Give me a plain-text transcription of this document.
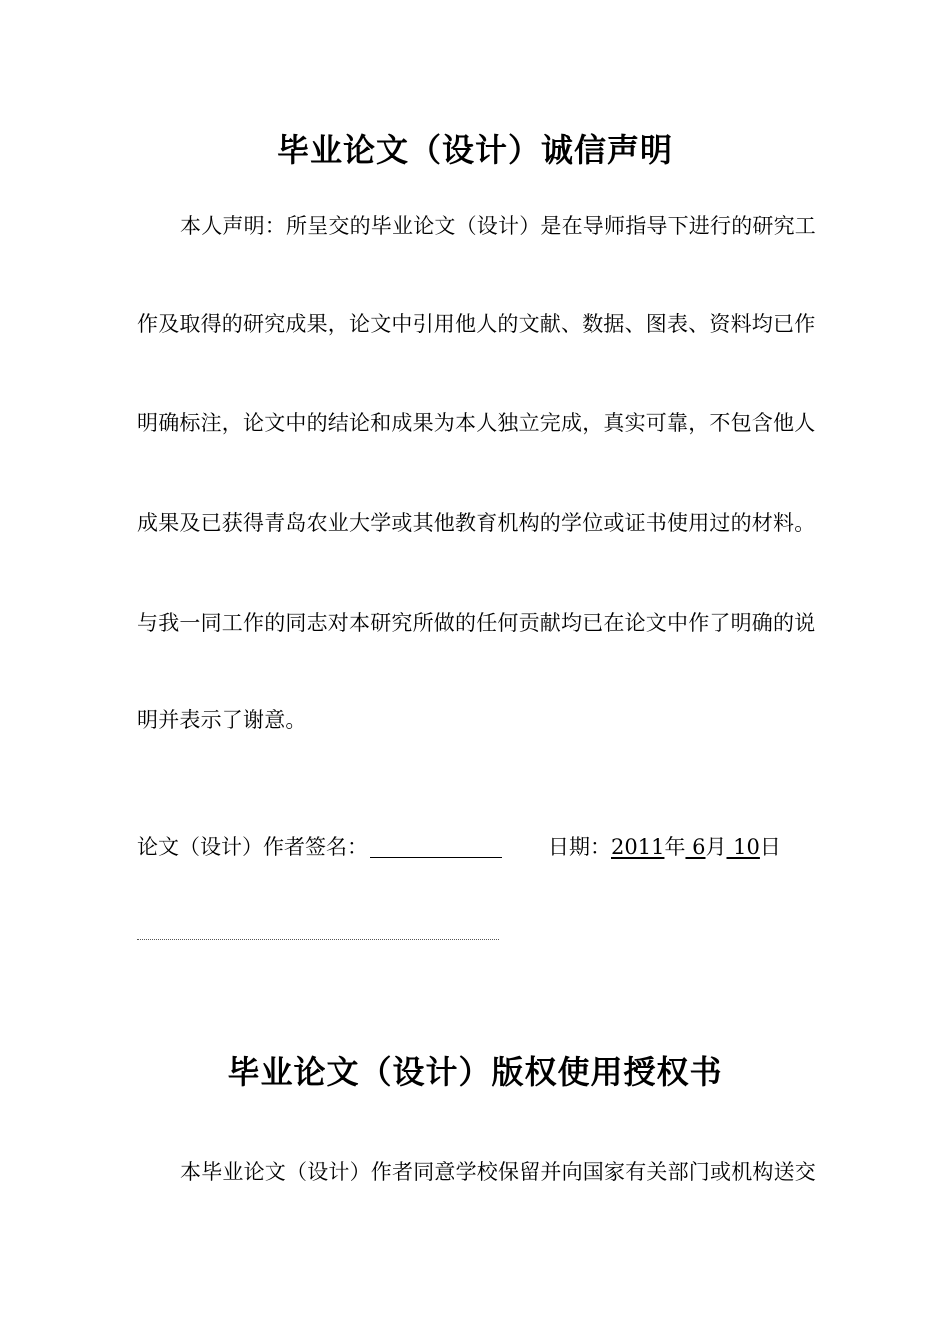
毕业论文（设计）诚信声明
本人声明：所呈交的毕业论文（设计）是在导师指导下进行的研究工
作及取得的研究成果，论文中引用他人的文献、数据、图表、资料均已作
明确标注，论文中的结论和成果为本人独立完成，真实可靠，不包含他人
成果及已获得青岛农业大学或其他教育机构的学位或证书使用过的材料。
与我一同工作的同志对本研究所做的任何贡献均已在论文中作了明确的说
明并表示了谢意。
论文（设计）作者签名：	日期：2011年 6月 10日
毕业论文（设计）版权使用授权书
本毕业论文（设计）作者同意学校保留并向国家有关部门或机构送交
